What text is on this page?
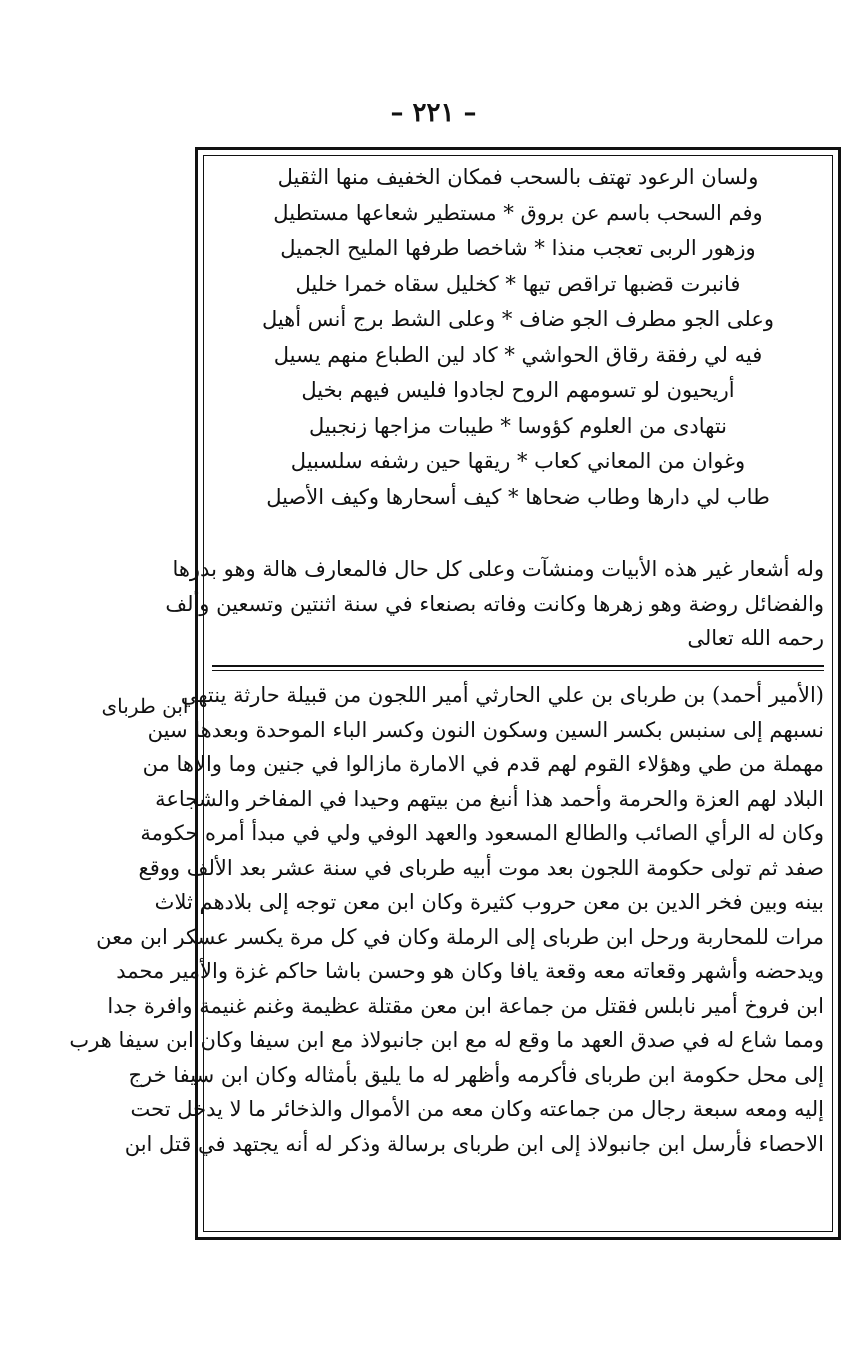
– ٢٢١ –
ابن طرباى
ولسان الرعود تهتف بالسحب فمكان الخفيف منها الثقيل
وفم السحب باسم عن بروق * مستطير شعاعها مستطيل
وزهور الربى تعجب منذا * شاخصا طرفها المليح الجميل
فانبرت قضبها تراقص تيها * كخليل سقاه خمرا خليل
وعلى الجو مطرف الجو ضاف * وعلى الشط برج أنس أهيل
فيه لي رفقة رقاق الحواشي * كاد لين الطباع منهم يسيل
أريحيون لو تسومهم الروح لجادوا فليس فيهم بخيل
نتهادى من العلوم كؤوسا * طيبات مزاجها زنجبيل
وغوان من المعاني كعاب * ريقها حين رشفه سلسبيل
طاب لي دارها وطاب ضحاها * كيف أسحارها وكيف الأصيل
وله أشعار غير هذه الأبيات ومنشآت وعلى كل حال فالمعارف هالة وهو بدرها
والفضائل روضة وهو زهرها وكانت وفاته بصنعاء في سنة اثنتين وتسعين وألف
رحمه الله تعالى
(الأمير أحمد) بن طرباى بن علي الحارثي أمير اللجون من قبيلة حارثة ينتهي
نسبهم إلى سنبس بكسر السين وسكون النون وكسر الباء الموحدة وبعدها سين
مهملة من طي وهؤلاء القوم لهم قدم في الامارة مازالوا في جنين وما والاها من
البلاد لهم العزة والحرمة وأحمد هذا أنبغ من بيتهم وحيدا في المفاخر والشجاعة
وكان له الرأي الصائب والطالع المسعود والعهد الوفي ولي في مبدأ أمره حكومة
صفد ثم تولى حكومة اللجون بعد موت أبيه طرباى في سنة عشر بعد الألف ووقع
بينه وبين فخر الدين بن معن حروب كثيرة وكان ابن معن توجه إلى بلادهم ثلاث
مرات للمحاربة ورحل ابن طرباى إلى الرملة وكان في كل مرة يكسر عسكر ابن معن
ويدحضه وأشهر وقعاته معه وقعة يافا وكان هو وحسن باشا حاكم غزة والأمير محمد
ابن فروخ أمير نابلس فقتل من جماعة ابن معن مقتلة عظيمة وغنم غنيمة وافرة جدا
ومما شاع له في صدق العهد ما وقع له مع ابن جانبولاذ مع ابن سيفا وكان ابن سيفا هرب
إلى محل حكومة ابن طرباى فأكرمه وأظهر له ما يليق بأمثاله وكان ابن سيفا خرج
إليه ومعه سبعة رجال من جماعته وكان معه من الأموال والذخائر ما لا يدخل تحت
الاحصاء فأرسل ابن جانبولاذ إلى ابن طرباى برسالة وذكر له أنه يجتهد في قتل ابن
